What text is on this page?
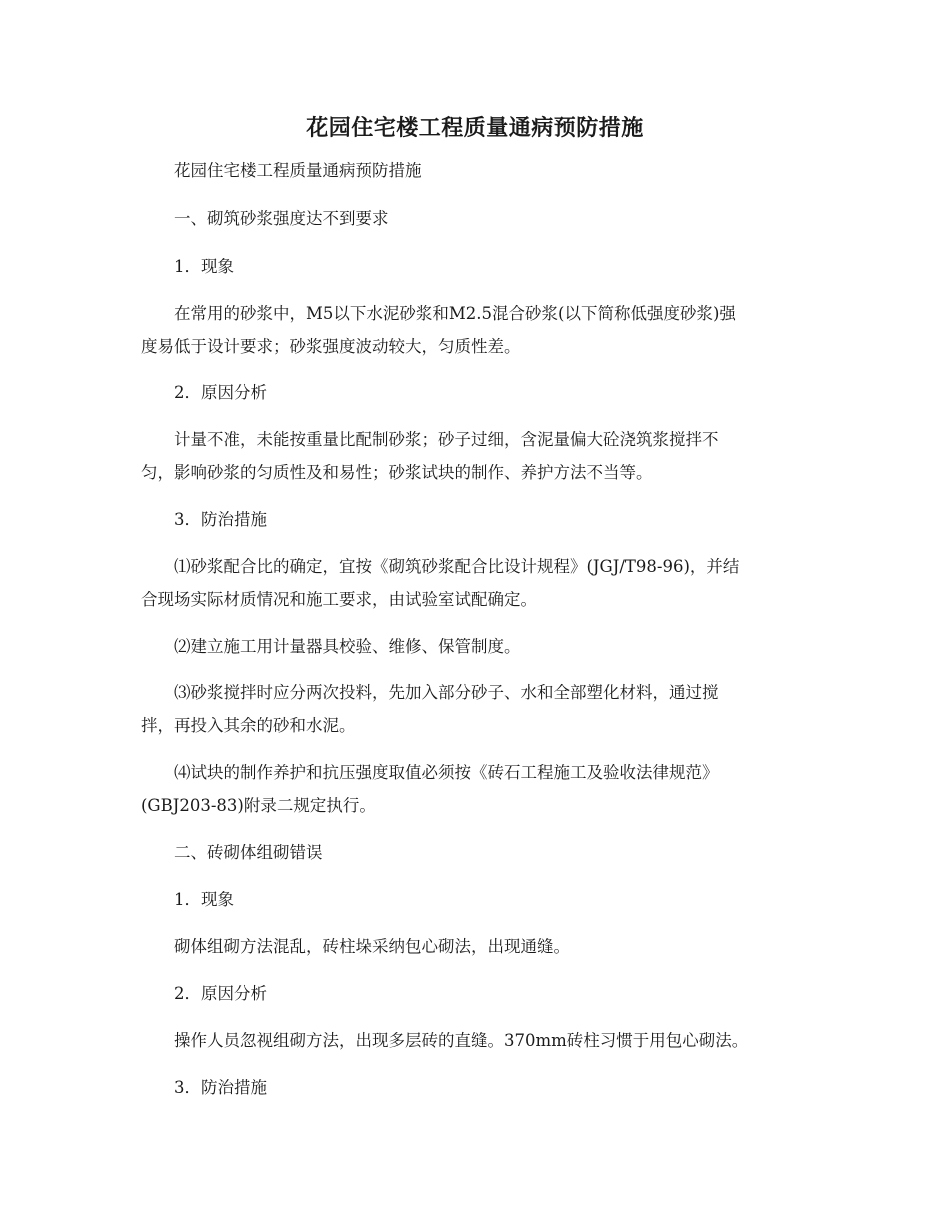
花园住宅楼工程质量通病预防措施
花园住宅楼工程质量通病预防措施
一、砌筑砂浆强度达不到要求
1．现象
在常用的砂浆中，M5以下水泥砂浆和M2.5混合砂浆(以下简称低强度砂浆)强
度易低于设计要求；砂浆强度波动较大，匀质性差。
2．原因分析
计量不准，未能按重量比配制砂浆；砂子过细，含泥量偏大砼浇筑浆搅拌不
匀，影响砂浆的匀质性及和易性；砂浆试块的制作、养护方法不当等。
3．防治措施
⑴砂浆配合比的确定，宜按《砌筑砂浆配合比设计规程》(JGJ/T98-96)，并结
合现场实际材质情况和施工要求，由试验室试配确定。
⑵建立施工用计量器具校验、维修、保管制度。
⑶砂浆搅拌时应分两次投料，先加入部分砂子、水和全部塑化材料，通过搅
拌，再投入其余的砂和水泥。
⑷试块的制作养护和抗压强度取值必须按《砖石工程施工及验收法律规范》
(GBJ203-83)附录二规定执行。
二、砖砌体组砌错误
1．现象
砌体组砌方法混乱，砖柱垛采纳包心砌法，出现通缝。
2．原因分析
操作人员忽视组砌方法，出现多层砖的直缝。370mm砖柱习惯于用包心砌法。
3．防治措施
